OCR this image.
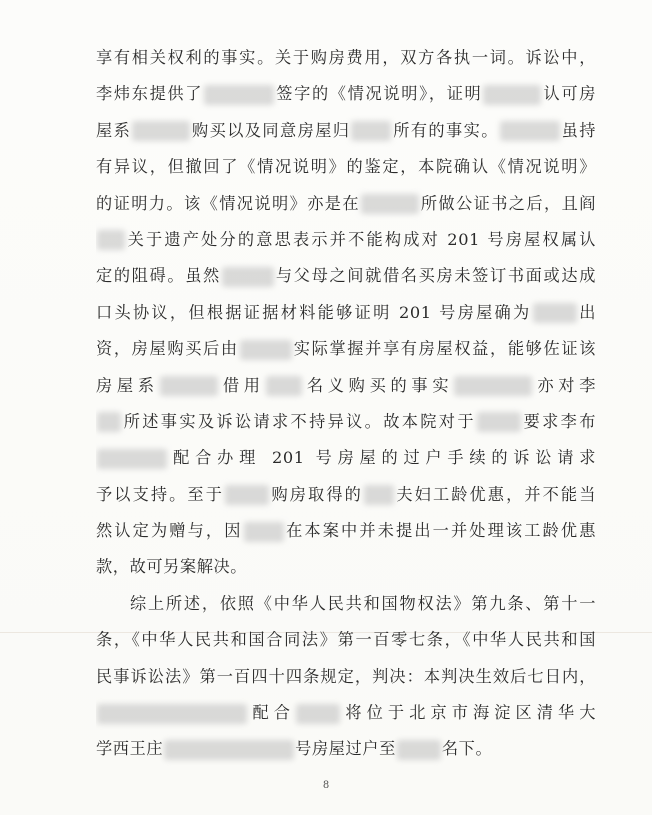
享有相关权利的事实。关于购房费用，双方各执一词。诉讼中，
李炜东提供了	签字的《情况说明》，证明	认可房
屋系	购买以及同意房屋归	所有的事实。	虽持
有异议，但撤回了《情况说明》的鉴定，本院确认《情况说明》
的证明力。该《情况说明》亦是在	所做公证书之后，且阎
关于遗产处分的意思表示并不能构成对 201 号房屋权属认
定的阻碍。虽然	与父母之间就借名买房未签订书面或达成
口头协议，但根据证据材料能够证明 201 号房屋确为	出
资，房屋购买后由	实际掌握并享有房屋权益，能够佐证该
房屋系	借用 名义购买的事实	亦对李
所述事实及诉讼请求不持异议。故本院对于	要求李布
配合办理 201 号房屋的过户手续的诉讼请求
予以支持。至于	购房取得的 夫妇工龄优惠，并不能当
然认定为赠与，因	在本案中并未提出一并处理该工龄优惠
款，故可另案解决。
综上所述，依照《中华人民共和国物权法》第九条、第十一
条，《中华人民共和国合同法》第一百零七条，《中华人民共和国
民事诉讼法》第一百四十四条规定，判决：本判决生效后七日内，
配合	将位于北京市海淀区清华大
学西王庄	号房屋过户至	名下。
8
